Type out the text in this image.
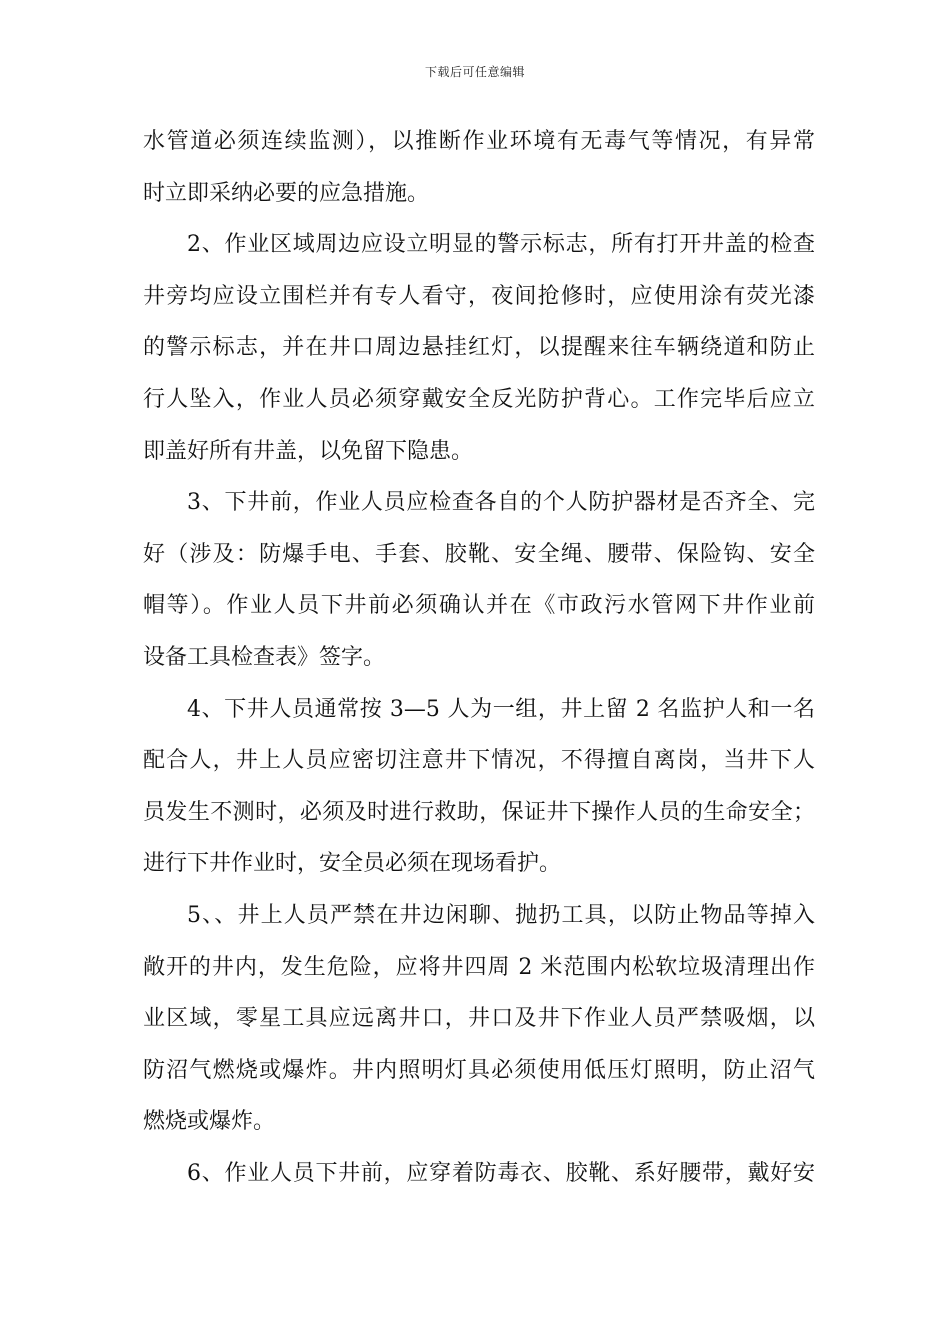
下载后可任意编辑
水管道必须连续监测），以推断作业环境有无毒气等情况，有异常
时立即采纳必要的应急措施。
2、作业区域周边应设立明显的警示标志，所有打开井盖的检查
井旁均应设立围栏并有专人看守，夜间抢修时，应使用涂有荧光漆
的警示标志，并在井口周边悬挂红灯，以提醒来往车辆绕道和防止
行人坠入，作业人员必须穿戴安全反光防护背心。工作完毕后应立
即盖好所有井盖，以免留下隐患。
3、下井前，作业人员应检查各自的个人防护器材是否齐全、完
好（涉及：防爆手电、手套、胶靴、安全绳、腰带、保险钩、安全
帽等）。作业人员下井前必须确认并在《市政污水管网下井作业前
设备工具检查表》签字。
4、下井人员通常按 3—5 人为一组，井上留 2 名监护人和一名
配合人，井上人员应密切注意井下情况，不得擅自离岗，当井下人
员发生不测时，必须及时进行救助，保证井下操作人员的生命安全；
进行下井作业时，安全员必须在现场看护。
5、、井上人员严禁在井边闲聊、抛扔工具，以防止物品等掉入
敞开的井内，发生危险，应将井四周 2 米范围内松软垃圾清理出作
业区域，零星工具应远离井口，井口及井下作业人员严禁吸烟，以
防沼气燃烧或爆炸。井内照明灯具必须使用低压灯照明，防止沼气
燃烧或爆炸。
6、作业人员下井前，应穿着防毒衣、胶靴、系好腰带，戴好安
